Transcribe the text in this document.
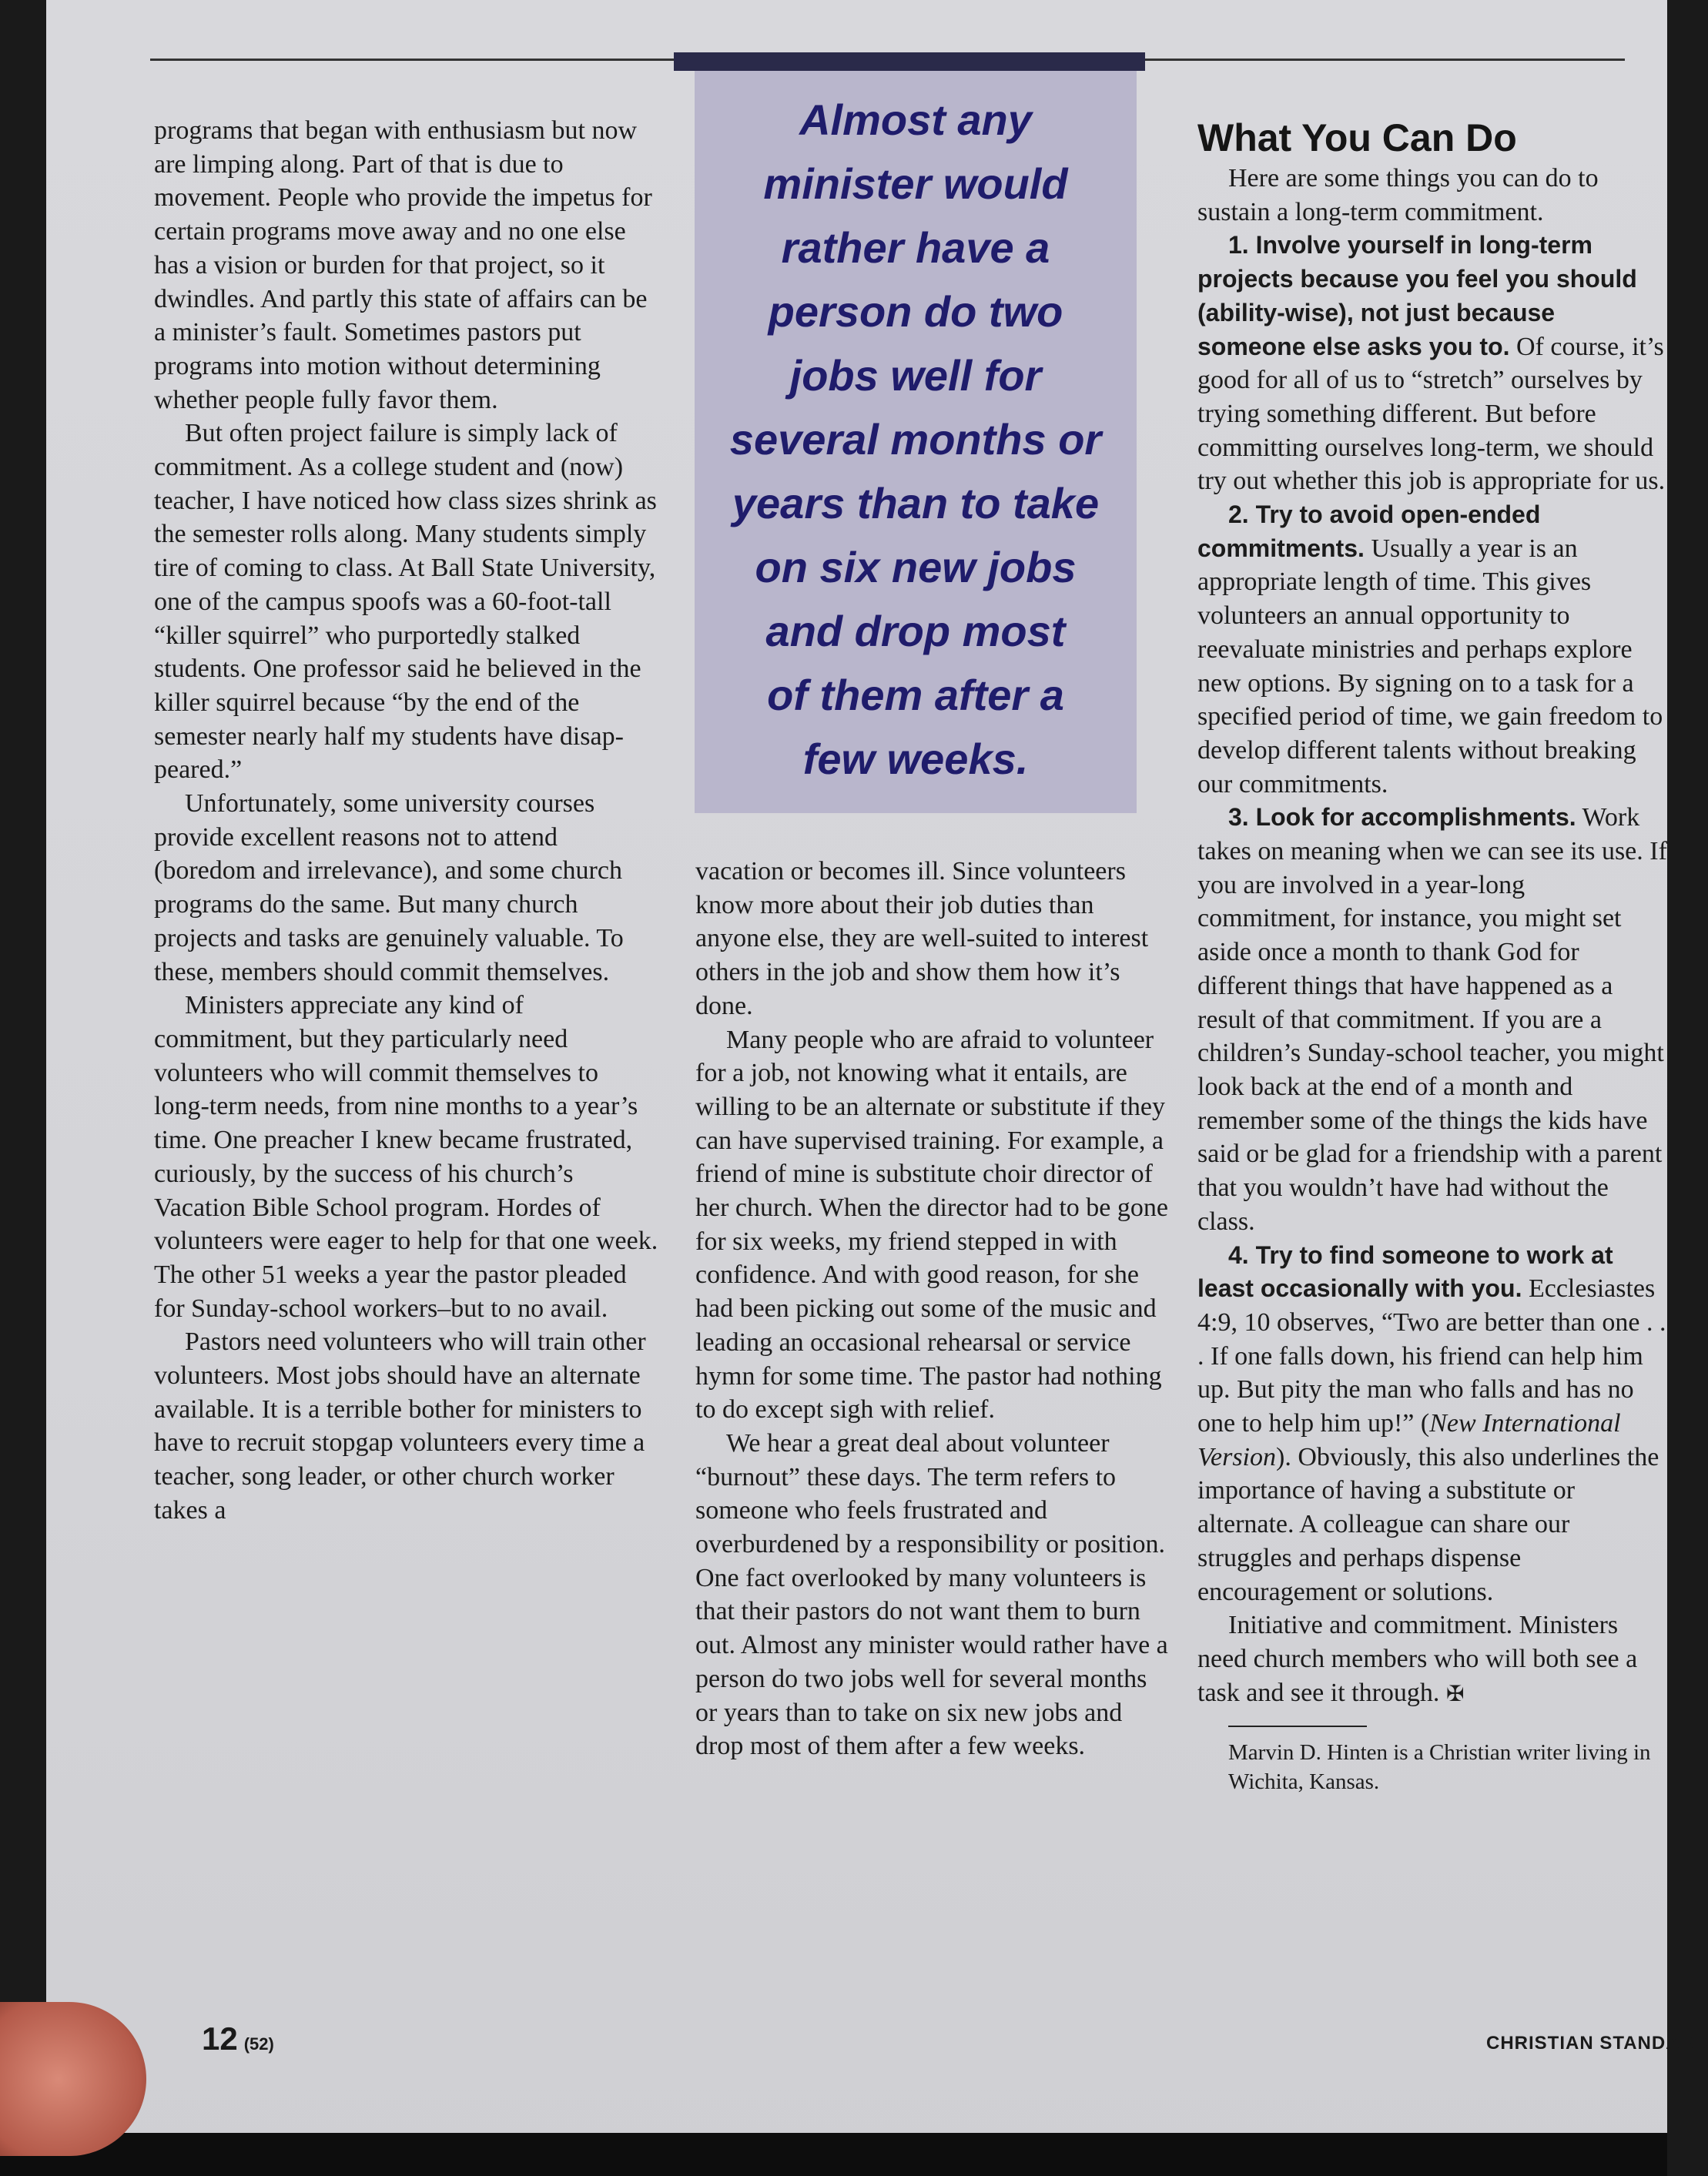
programs that began with enthusiasm but now are limping along. Part of that is due to movement. People who provide the impetus for certain programs move away and no one else has a vision or burden for that project, so it dwindles. And partly this state of affairs can be a minister’s fault. Sometimes pastors put programs into motion without determining whether people fully favor them.

But often project failure is simply lack of commitment. As a college student and (now) teacher, I have noticed how class sizes shrink as the semester rolls along. Many students simply tire of coming to class. At Ball State University, one of the campus spoofs was a 60-foot-tall “killer squirrel” who purportedly stalked students. One professor said he believed in the killer squirrel because “by the end of the semester nearly half my students have disap-peared.”

Unfortunately, some university courses provide excellent reasons not to attend (boredom and irrelevance), and some church programs do the same. But many church projects and tasks are genuinely valuable. To these, members should commit themselves.

Ministers appreciate any kind of commitment, but they particularly need volunteers who will commit themselves to long-term needs, from nine months to a year’s time. One preacher I knew became frustrated, curiously, by the success of his church’s Vacation Bible School program. Hordes of volunteers were eager to help for that one week. The other 51 weeks a year the pastor pleaded for Sunday-school workers–but to no avail.

Pastors need volunteers who will train other volunteers. Most jobs should have an alternate available. It is a terrible bother for ministers to have to recruit stopgap volunteers every time a teacher, song leader, or other church worker takes a

Almost any
minister would
rather have a
person do two
jobs well for
several months or
years than to take
on six new jobs
and drop most
of them after a
few weeks.

vacation or becomes ill. Since volunteers know more about their job duties than anyone else, they are well-suited to interest others in the job and show them how it’s done.

Many people who are afraid to volunteer for a job, not knowing what it entails, are willing to be an alternate or substitute if they can have supervised training. For example, a friend of mine is substitute choir director of her church. When the director had to be gone for six weeks, my friend stepped in with confidence. And with good reason, for she had been picking out some of the music and leading an occasional rehearsal or service hymn for some time. The pastor had nothing to do except sigh with relief.

We hear a great deal about volunteer “burnout” these days. The term refers to someone who feels frustrated and overburdened by a responsibility or position. One fact overlooked by many volunteers is that their pastors do not want them to burn out. Almost any minister would rather have a person do two jobs well for several months or years than to take on six new jobs and drop most of them after a few weeks.

What You Can Do

Here are some things you can do to sustain a long-term commitment.

1. Involve yourself in long-term projects because you feel you should (ability-wise), not just because someone else asks you to. Of course, it’s good for all of us to “stretch” ourselves by trying something different. But before committing ourselves long-term, we should try out whether this job is appropriate for us.

2. Try to avoid open-ended commitments. Usually a year is an appropriate length of time. This gives volunteers an annual opportunity to reevaluate ministries and perhaps explore new options. By signing on to a task for a specified period of time, we gain freedom to develop different talents without breaking our commitments.

3. Look for accomplishments. Work takes on meaning when we can see its use. If you are involved in a year-long commitment, for instance, you might set aside once a month to thank God for different things that have happened as a result of that commitment. If you are a children’s Sunday-school teacher, you might look back at the end of a month and remember some of the things the kids have said or be glad for a friendship with a parent that you wouldn’t have had without the class.

4. Try to find someone to work at least occasionally with you. Ecclesiastes 4:9, 10 observes, “Two are better than one . . . If one falls down, his friend can help him up. But pity the man who falls and has no one to help him up!” (New International Version). Obviously, this also underlines the importance of having a substitute or alternate. A colleague can share our struggles and perhaps dispense encouragement or solutions.

Initiative and commitment. Ministers need church members who will both see a task and see it through. ✠

Marvin D. Hinten is a Christian writer living in Wichita, Kansas.
12 (52)	CHRISTIAN STANDARD
